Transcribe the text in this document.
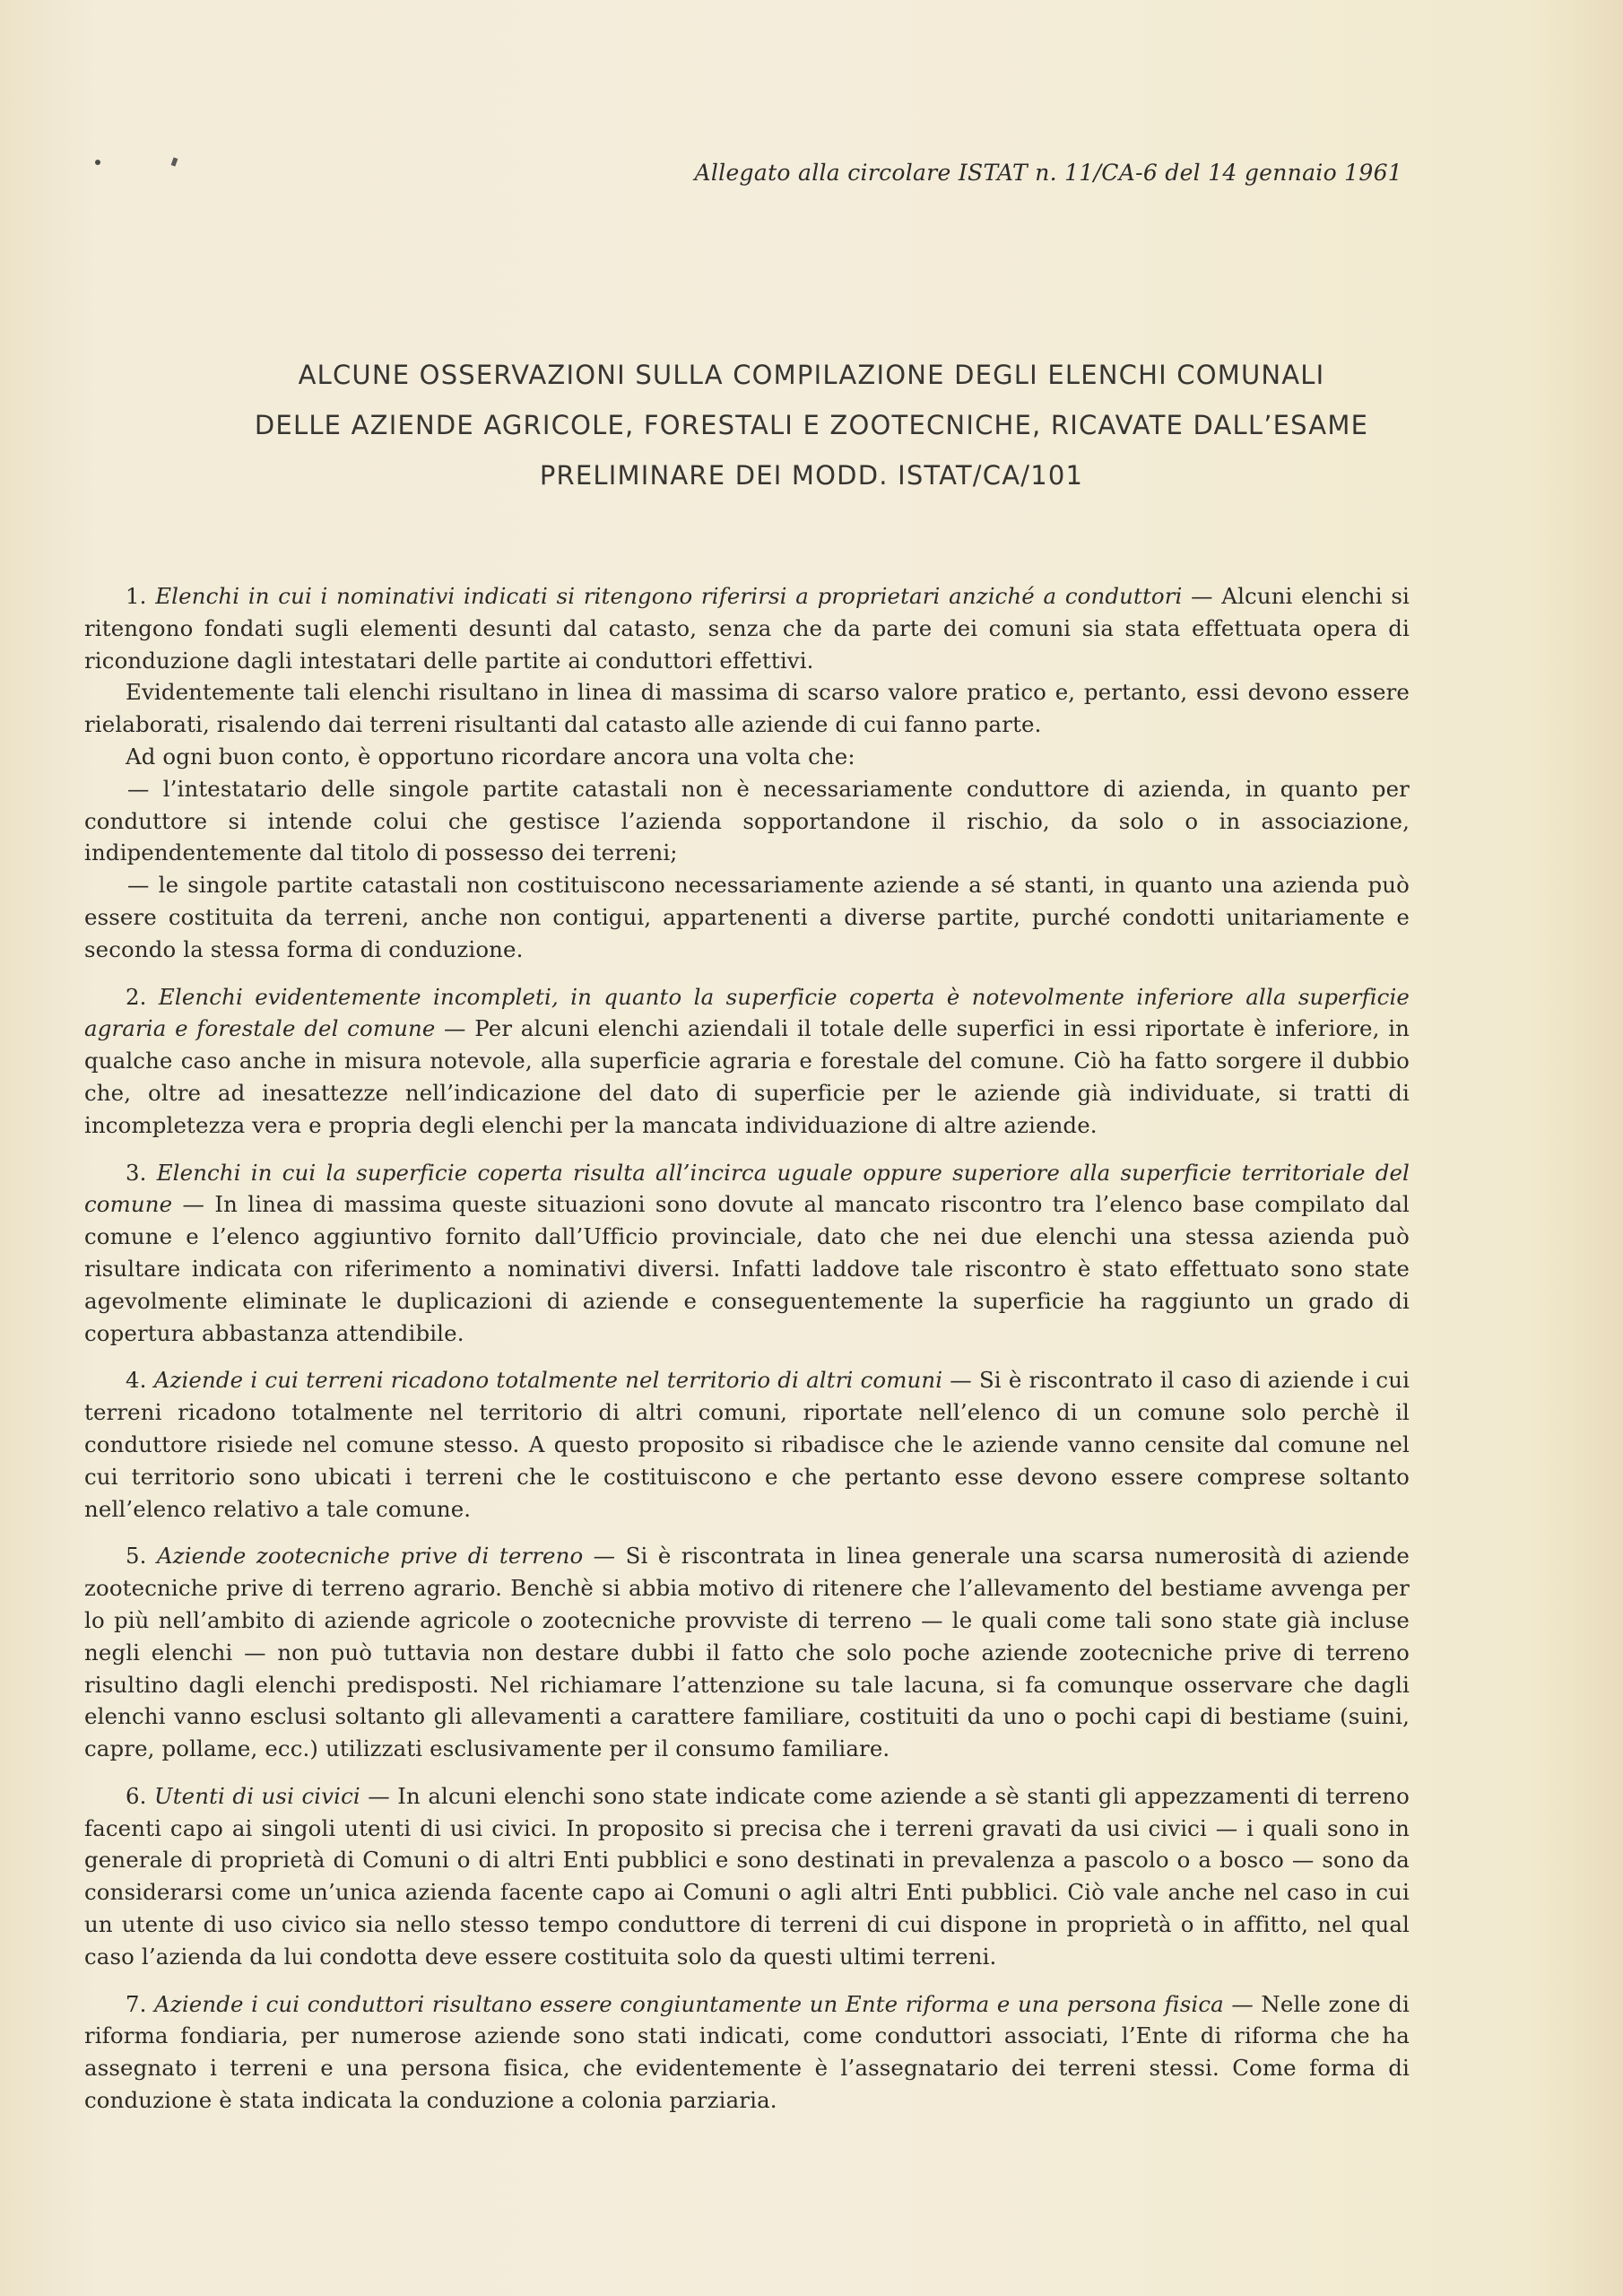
Allegato alla circolare ISTAT n. 11/CA-6 del 14 gennaio 1961
ALCUNE OSSERVAZIONI SULLA COMPILAZIONE DEGLI ELENCHI COMUNALI
DELLE AZIENDE AGRICOLE, FORESTALI E ZOOTECNICHE, RICAVATE DALL’ESAME
PRELIMINARE DEI MODD. ISTAT/CA/101

1. Elenchi in cui i nominativi indicati si ritengono riferirsi a proprietari anziché a conduttori — Alcuni elenchi si ritengono fondati sugli elementi desunti dal catasto, senza che da parte dei comuni sia stata effettuata opera di riconduzione dagli intestatari delle partite ai conduttori effettivi.

Evidentemente tali elenchi risultano in linea di massima di scarso valore pratico e, pertanto, essi devono essere rielaborati, risalendo dai terreni risultanti dal catasto alle aziende di cui fanno parte.

Ad ogni buon conto, è opportuno ricordare ancora una volta che:

— l’intestatario delle singole partite catastali non è necessariamente conduttore di azienda, in quanto per conduttore si intende colui che gestisce l’azienda sopportandone il rischio, da solo o in associazione, indipendentemente dal titolo di possesso dei terreni;

— le singole partite catastali non costituiscono necessariamente aziende a sé stanti, in quanto una azienda può essere costituita da terreni, anche non contigui, appartenenti a diverse partite, purché condotti unitariamente e secondo la stessa forma di conduzione.

2. Elenchi evidentemente incompleti, in quanto la superficie coperta è notevolmente inferiore alla superficie agraria e forestale del comune — Per alcuni elenchi aziendali il totale delle superfici in essi riportate è inferiore, in qualche caso anche in misura notevole, alla superficie agraria e forestale del comune. Ciò ha fatto sorgere il dubbio che, oltre ad inesattezze nell’indicazione del dato di superficie per le aziende già individuate, si tratti di incompletezza vera e propria degli elenchi per la mancata individuazione di altre aziende.

3. Elenchi in cui la superficie coperta risulta all’incirca uguale oppure superiore alla superficie territoriale del comune — In linea di massima queste situazioni sono dovute al mancato riscontro tra l’elenco base compilato dal comune e l’elenco aggiuntivo fornito dall’Ufficio provinciale, dato che nei due elenchi una stessa azienda può risultare indicata con riferimento a nominativi diversi. Infatti laddove tale riscontro è stato effettuato sono state agevolmente eliminate le duplicazioni di aziende e conseguentemente la superficie ha raggiunto un grado di copertura abbastanza attendibile.

4. Aziende i cui terreni ricadono totalmente nel territorio di altri comuni — Si è riscontrato il caso di aziende i cui terreni ricadono totalmente nel territorio di altri comuni, riportate nell’elenco di un comune solo perchè il conduttore risiede nel comune stesso. A questo proposito si ribadisce che le aziende vanno censite dal comune nel cui territorio sono ubicati i terreni che le costituiscono e che pertanto esse devono essere comprese soltanto nell’elenco relativo a tale comune.

5. Aziende zootecniche prive di terreno — Si è riscontrata in linea generale una scarsa numerosità di aziende zootecniche prive di terreno agrario. Benchè si abbia motivo di ritenere che l’allevamento del bestiame avvenga per lo più nell’ambito di aziende agricole o zootecniche provviste di terreno — le quali come tali sono state già incluse negli elenchi — non può tuttavia non destare dubbi il fatto che solo poche aziende zootecniche prive di terreno risultino dagli elenchi predisposti. Nel richiamare l’attenzione su tale lacuna, si fa comunque osservare che dagli elenchi vanno esclusi soltanto gli allevamenti a carattere familiare, costituiti da uno o pochi capi di bestiame (suini, capre, pollame, ecc.) utilizzati esclusivamente per il consumo familiare.

6. Utenti di usi civici — In alcuni elenchi sono state indicate come aziende a sè stanti gli appezzamenti di terreno facenti capo ai singoli utenti di usi civici. In proposito si precisa che i terreni gravati da usi civici — i quali sono in generale di proprietà di Comuni o di altri Enti pubblici e sono destinati in prevalenza a pascolo o a bosco — sono da considerarsi come un’unica azienda facente capo ai Comuni o agli altri Enti pubblici. Ciò vale anche nel caso in cui un utente di uso civico sia nello stesso tempo conduttore di terreni di cui dispone in proprietà o in affitto, nel qual caso l’azienda da lui condotta deve essere costituita solo da questi ultimi terreni.

7. Aziende i cui conduttori risultano essere congiuntamente un Ente riforma e una persona fisica — Nelle zone di riforma fondiaria, per numerose aziende sono stati indicati, come conduttori associati, l’Ente di riforma che ha assegnato i terreni e una persona fisica, che evidentemente è l’assegnatario dei terreni stessi. Come forma di conduzione è stata indicata la conduzione a colonia parziaria.
